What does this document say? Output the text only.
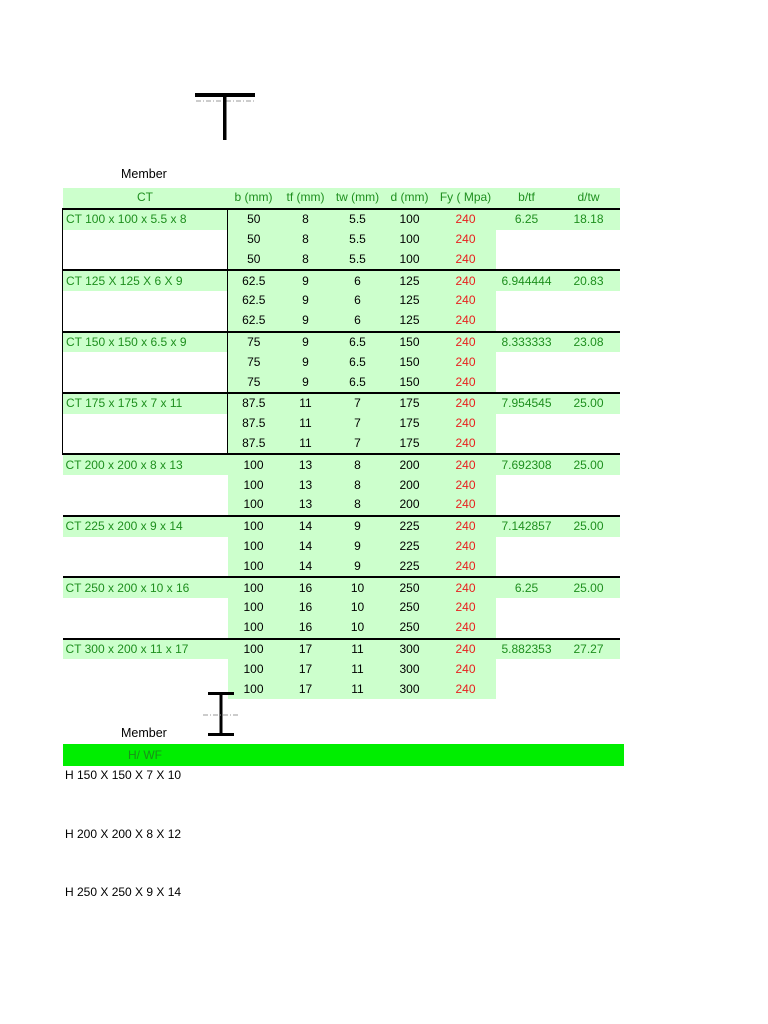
Member
CT	b (mm)	tf (mm)	tw (mm)	d (mm)	Fy ( Mpa)	b/tf	d/tw
CT 100 x 100 x 5.5 x 8	50	8	5.5	100	240	6.25	18.18
	50	8	5.5	100	240		
	50	8	5.5	100	240		
CT 125 X 125 X 6 X 9	62.5	9	6	125	240	6.944444	20.83
	62.5	9	6	125	240		
	62.5	9	6	125	240		
CT 150 x 150 x 6.5 x 9	75	9	6.5	150	240	8.333333	23.08
	75	9	6.5	150	240		
	75	9	6.5	150	240		
CT 175 x 175 x 7 x 11	87.5	11	7	175	240	7.954545	25.00
	87.5	11	7	175	240		
	87.5	11	7	175	240		
CT 200 x 200 x 8 x 13	100	13	8	200	240	7.692308	25.00
	100	13	8	200	240		
	100	13	8	200	240		
CT 225 x 200 x 9 x 14	100	14	9	225	240	7.142857	25.00
	100	14	9	225	240		
	100	14	9	225	240		
CT 250 x 200 x 10 x 16	100	16	10	250	240	6.25	25.00
	100	16	10	250	240		
	100	16	10	250	240		
CT 300 x 200 x 11 x 17	100	17	11	300	240	5.882353	27.27
	100	17	11	300	240		
	100	17	11	300	240		
Member
H/ WF
H 150 X 150 X 7 X 10
H 200 X 200 X 8 X 12
H 250 X 250 X 9 X 14
